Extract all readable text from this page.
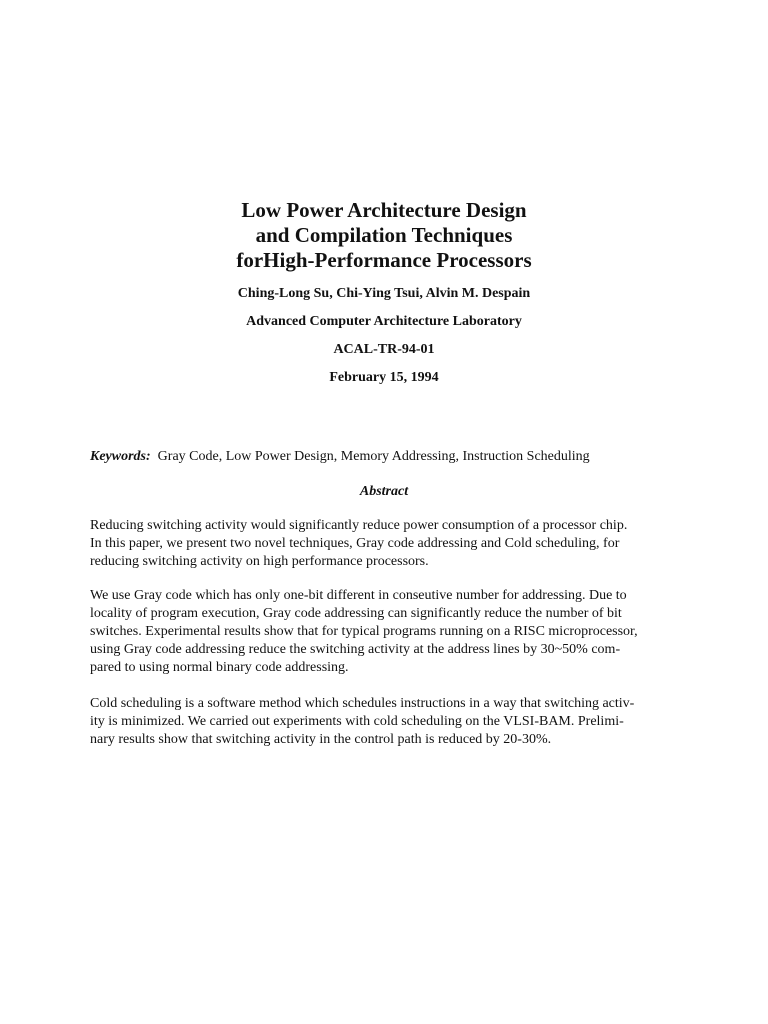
Low Power Architecture Design
and Compilation Techniques
forHigh-Performance Processors
Ching-Long Su, Chi-Ying Tsui, Alvin M. Despain
Advanced Computer Architecture Laboratory
ACAL-TR-94-01
February 15, 1994
Keywords: Gray Code, Low Power Design, Memory Addressing, Instruction Scheduling
Abstract
Reducing switching activity would significantly reduce power consumption of a processor chip.
In this paper, we present two novel techniques, Gray code addressing and Cold scheduling, for
reducing switching activity on high performance processors.
We use Gray code which has only one-bit different in conseutive number for addressing. Due to
locality of program execution, Gray code addressing can significantly reduce the number of bit
switches. Experimental results show that for typical programs running on a RISC microprocessor,
using Gray code addressing reduce the switching activity at the address lines by 30~50% com-
pared to using normal binary code addressing.
Cold scheduling is a software method which schedules instructions in a way that switching activ-
ity is minimized. We carried out experiments with cold scheduling on the VLSI-BAM. Prelimi-
nary results show that switching activity in the control path is reduced by 20-30%.
